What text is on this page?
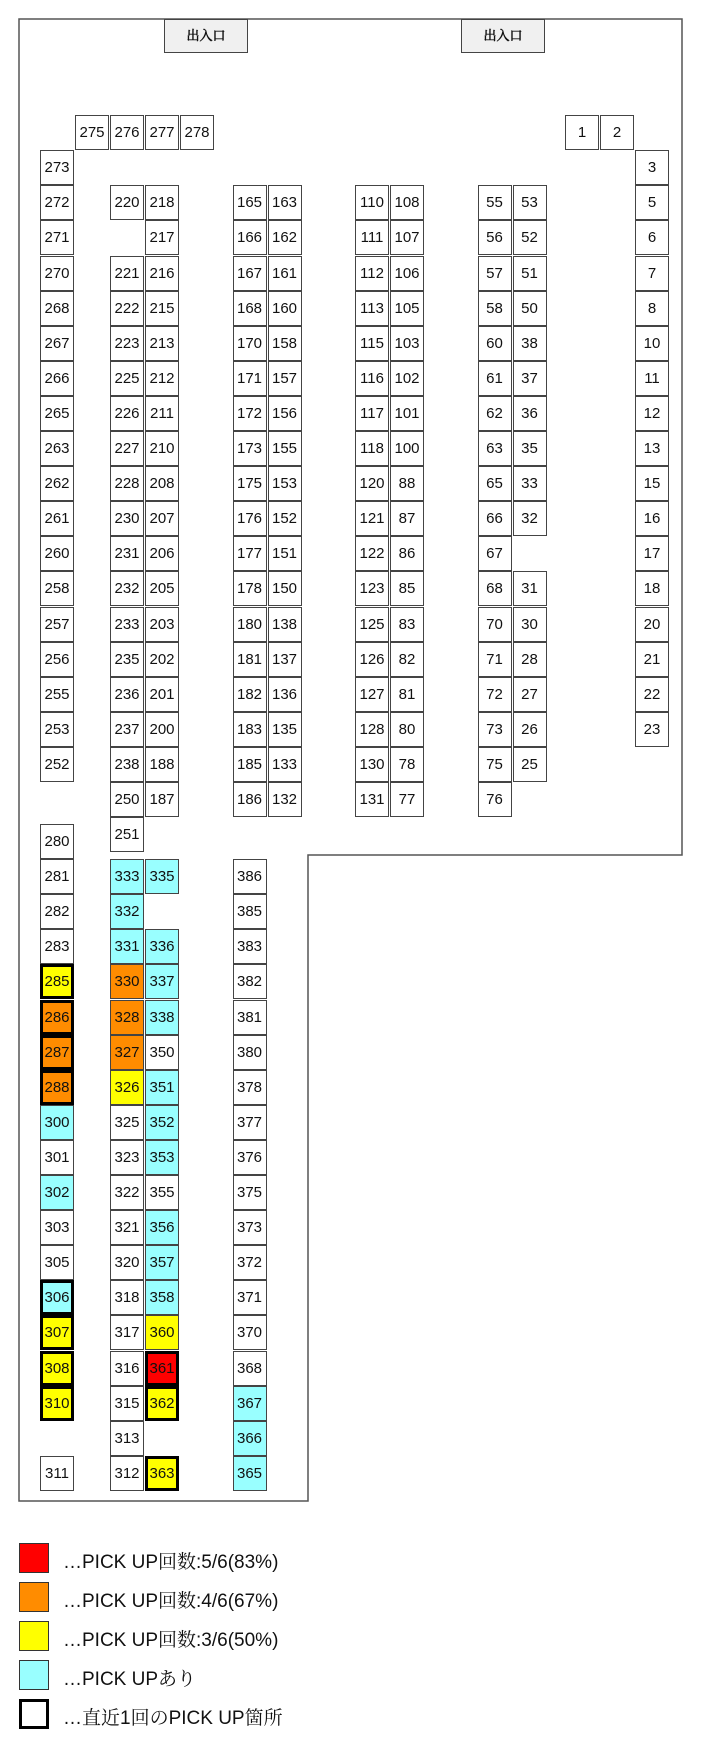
出入口	出入口
275 276 277 278
273
272
271
270
268
267
266
265
263
262
261
260
258
257
256
255
253
252
220
221
222
223
225
226
227
228
230
231
232
233
235
236
237
238
250
251
218
217
216
215
213
212
211
210
208
207
206
205
203
202
201
200
188
187
165
166
167
168
170
171
172
173
175
176
177
178
180
181
182
183
185
186
163
162
161
160
158
157
156
155
153
152
151
150
138
137
136
135
133
132
110
111
112
113
115
116
117
118
120
121
122
123
125
126
127
128
130
131
108
107
106
105
103
102
101
100
88
87
86
85
83
82
81
80
78
77
55
56
57
58
60
61
62
63
65
66
67
68
70
71
72
73
75
76
53
52
51
50
38
37
36
35
33
32
31
30
28
27
26
25
1	2
3
5
6
7
8
10
11
12
13
15
16
17
18
20
21
22
23
280
281
282
283
285
286
287
288
300
301
302
303
305
306
307
308
310
311
333
332
331
330
328
327
326
325
323
322
321
320
318
317
316
315
313
312
335
336
337
338
350
351
352
353
355
356
357
358
360
361
362
363
386
385
383
382
381
380
378
377
376
375
373
372
371
370
368
367
366
365
…PICK UP回数:5/6(83%)
…PICK UP回数:4/6(67%)
…PICK UP回数:3/6(50%)
…PICK UPあり
…直近1回のPICK UP箇所
